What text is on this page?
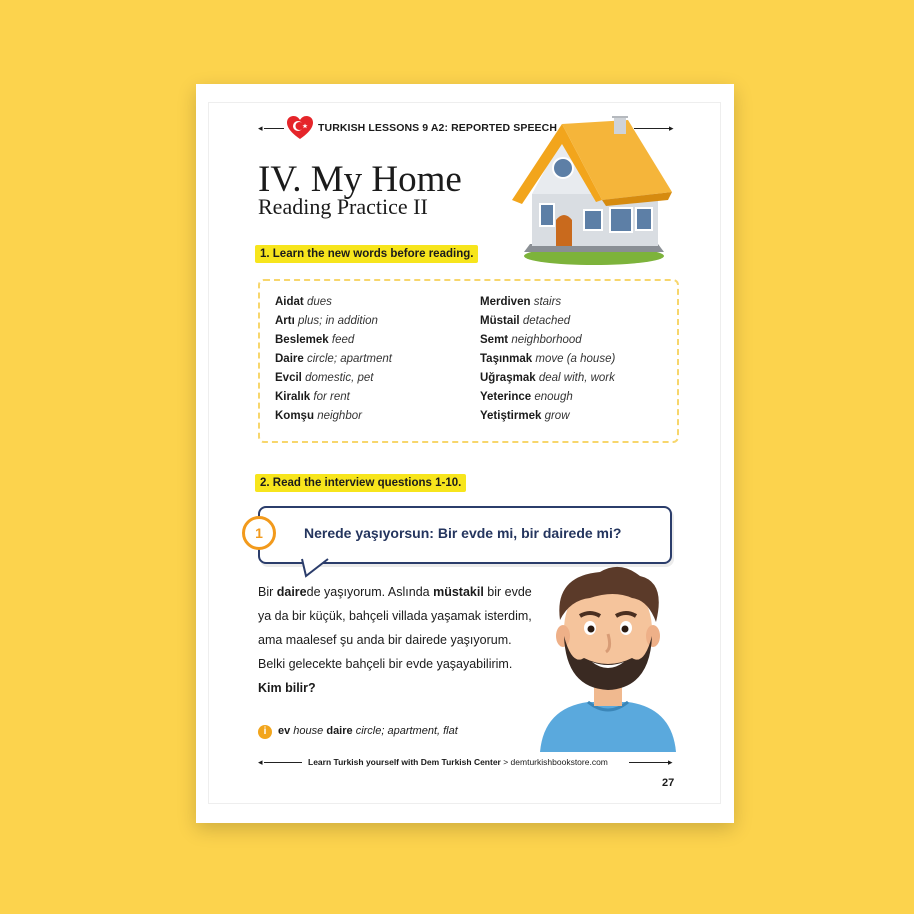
◂	TURKISH LESSONS 9 A2: REPORTED SPEECH	▸
IV. My Home
Reading Practice II
1. Learn the new words before reading.
Aidat dues
Artı plus; in addition
Beslemek feed
Daire circle; apartment
Evcil domestic, pet
Kiralık for rent
Komşu neighbor
Merdiven stairs
Müstail detached
Semt neighborhood
Taşınmak move (a house)
Uğraşmak deal with, work
Yeterince enough
Yetiştirmek grow
2. Read the interview questions 1-10.
Nerede yaşıyorsun: Bir evde mi, bir dairede mi?
1
Bir dairede yaşıyorum. Aslında müstakil bir evde
ya da bir küçük, bahçeli villada yaşamak isterdim,
ama maalesef şu anda bir dairede yaşıyorum.
Belki gelecekte bahçeli bir evde yaşayabilirim.
Kim bilir?
i	ev house daire circle; apartment, flat
◂	Learn Turkish yourself with Dem Turkish Center > demturkishbookstore.com	▸
27
